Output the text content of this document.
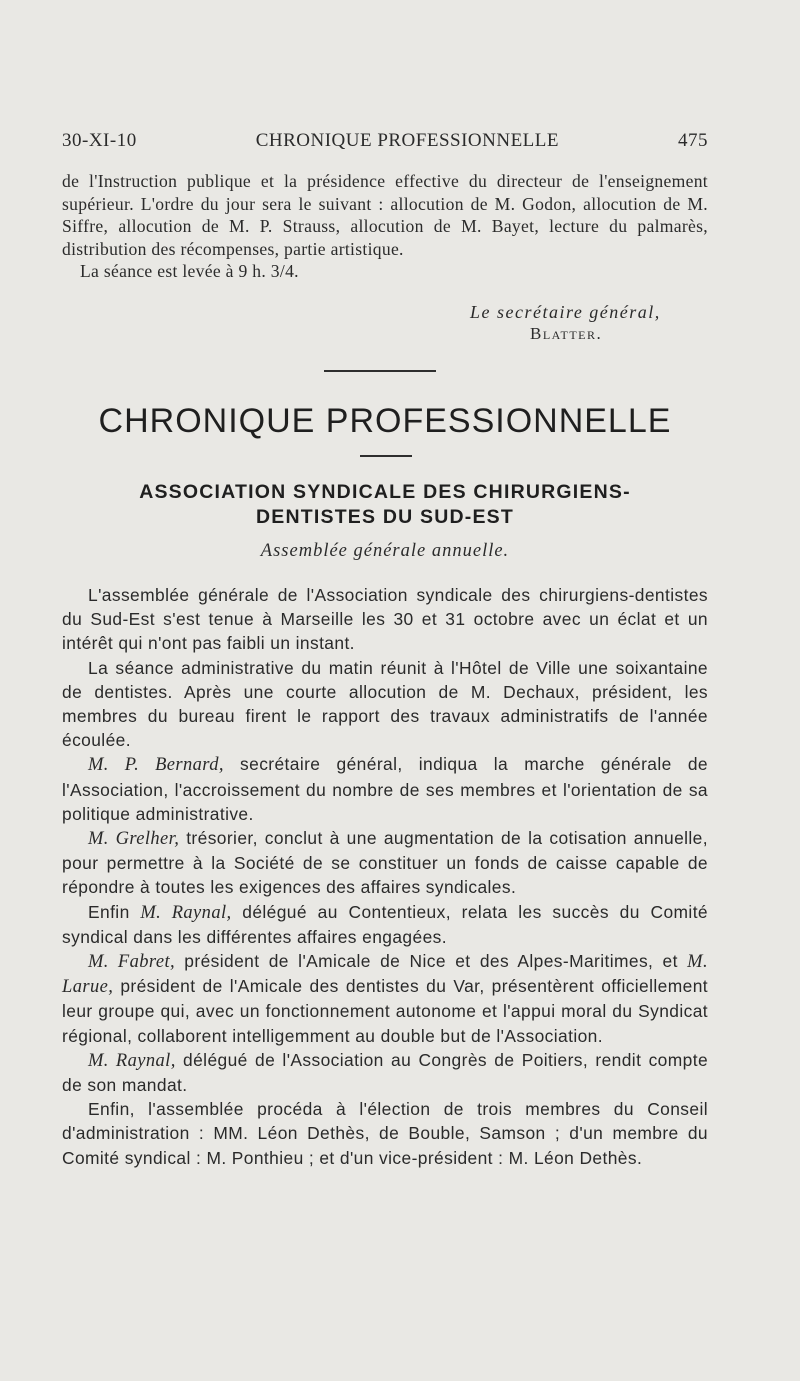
30-XI-10	CHRONIQUE PROFESSIONNELLE	475

de l'Instruction publique et la présidence effective du directeur de l'enseignement supérieur. L'ordre du jour sera le suivant : allocution de M. Godon, allocution de M. Siffre, allocution de M. P. Strauss, allocution de M. Bayet, lecture du palmarès, distribution des récompenses, partie artistique.

La séance est levée à 9 h. 3/4.

Le secrétaire général,
Blatter.
CHRONIQUE PROFESSIONNELLE
ASSOCIATION SYNDICALE DES CHIRURGIENS-
DENTISTES DU SUD-EST
Assemblée générale annuelle.

L'assemblée générale de l'Association syndicale des chirurgiens-dentistes du Sud-Est s'est tenue à Marseille les 30 et 31 octobre avec un éclat et un intérêt qui n'ont pas faibli un instant.

La séance administrative du matin réunit à l'Hôtel de Ville une soixantaine de dentistes. Après une courte allocution de M. Dechaux, président, les membres du bureau firent le rapport des travaux administratifs de l'année écoulée.

M. P. Bernard, secrétaire général, indiqua la marche générale de l'Association, l'accroissement du nombre de ses membres et l'orientation de sa politique administrative.

M. Grelher, trésorier, conclut à une augmentation de la cotisation annuelle, pour permettre à la Société de se constituer un fonds de caisse capable de répondre à toutes les exigences des affaires syndicales.

Enfin M. Raynal, délégué au Contentieux, relata les succès du Comité syndical dans les différentes affaires engagées.

M. Fabret, président de l'Amicale de Nice et des Alpes-Maritimes, et M. Larue, président de l'Amicale des dentistes du Var, présentèrent officiellement leur groupe qui, avec un fonctionnement autonome et l'appui moral du Syndicat régional, collaborent intelligemment au double but de l'Association.

M. Raynal, délégué de l'Association au Congrès de Poitiers, rendit compte de son mandat.

Enfin, l'assemblée procéda à l'élection de trois membres du Conseil d'administration : MM. Léon Dethès, de Bouble, Samson ; d'un membre du Comité syndical : M. Ponthieu ; et d'un vice-président : M. Léon Dethès.
